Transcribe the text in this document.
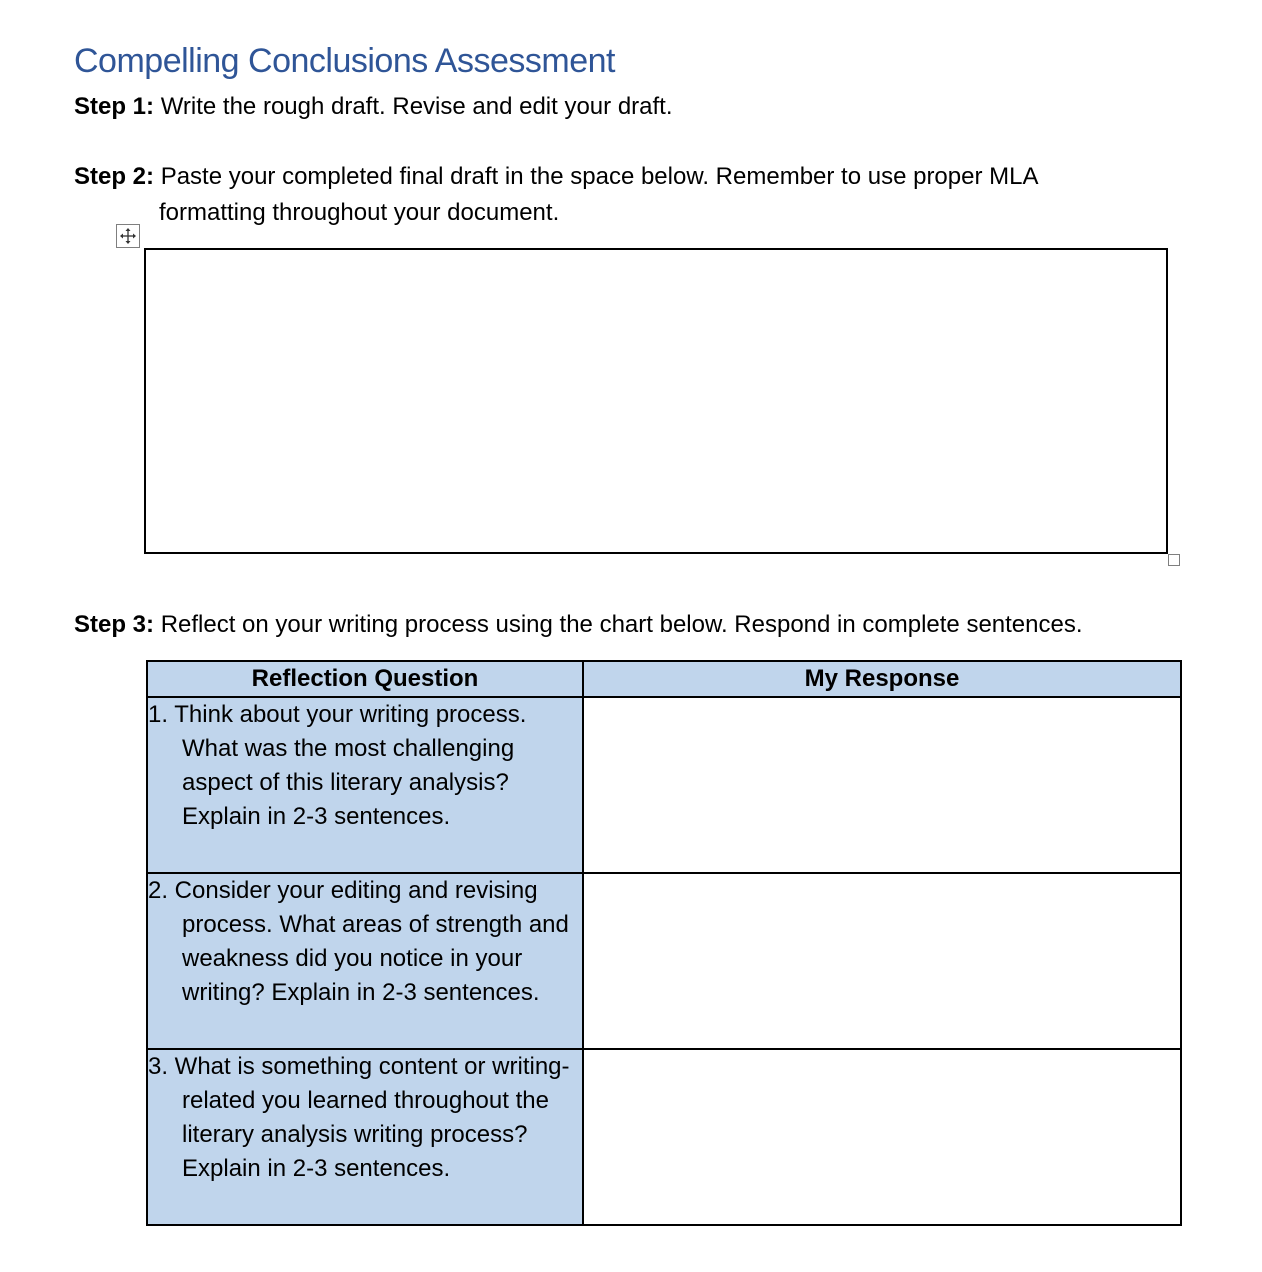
Compelling Conclusions Assessment

Step 1: Write the rough draft. Revise and edit your draft.

Step 2: Paste your completed final draft in the space below. Remember to use proper MLA

formatting throughout your document.

Step 3: Reflect on your writing process using the chart below. Respond in complete sentences.

Reflection Question	My Response

1. Think about your writing process. What was the most challenging aspect of this literary analysis? Explain in 2-3 sentences.	

2. Consider your editing and revising process. What areas of strength and weakness did you notice in your writing? Explain in 2-3 sentences.	

3. What is something content or writing-related you learned throughout the literary analysis writing process? Explain in 2-3 sentences.	
